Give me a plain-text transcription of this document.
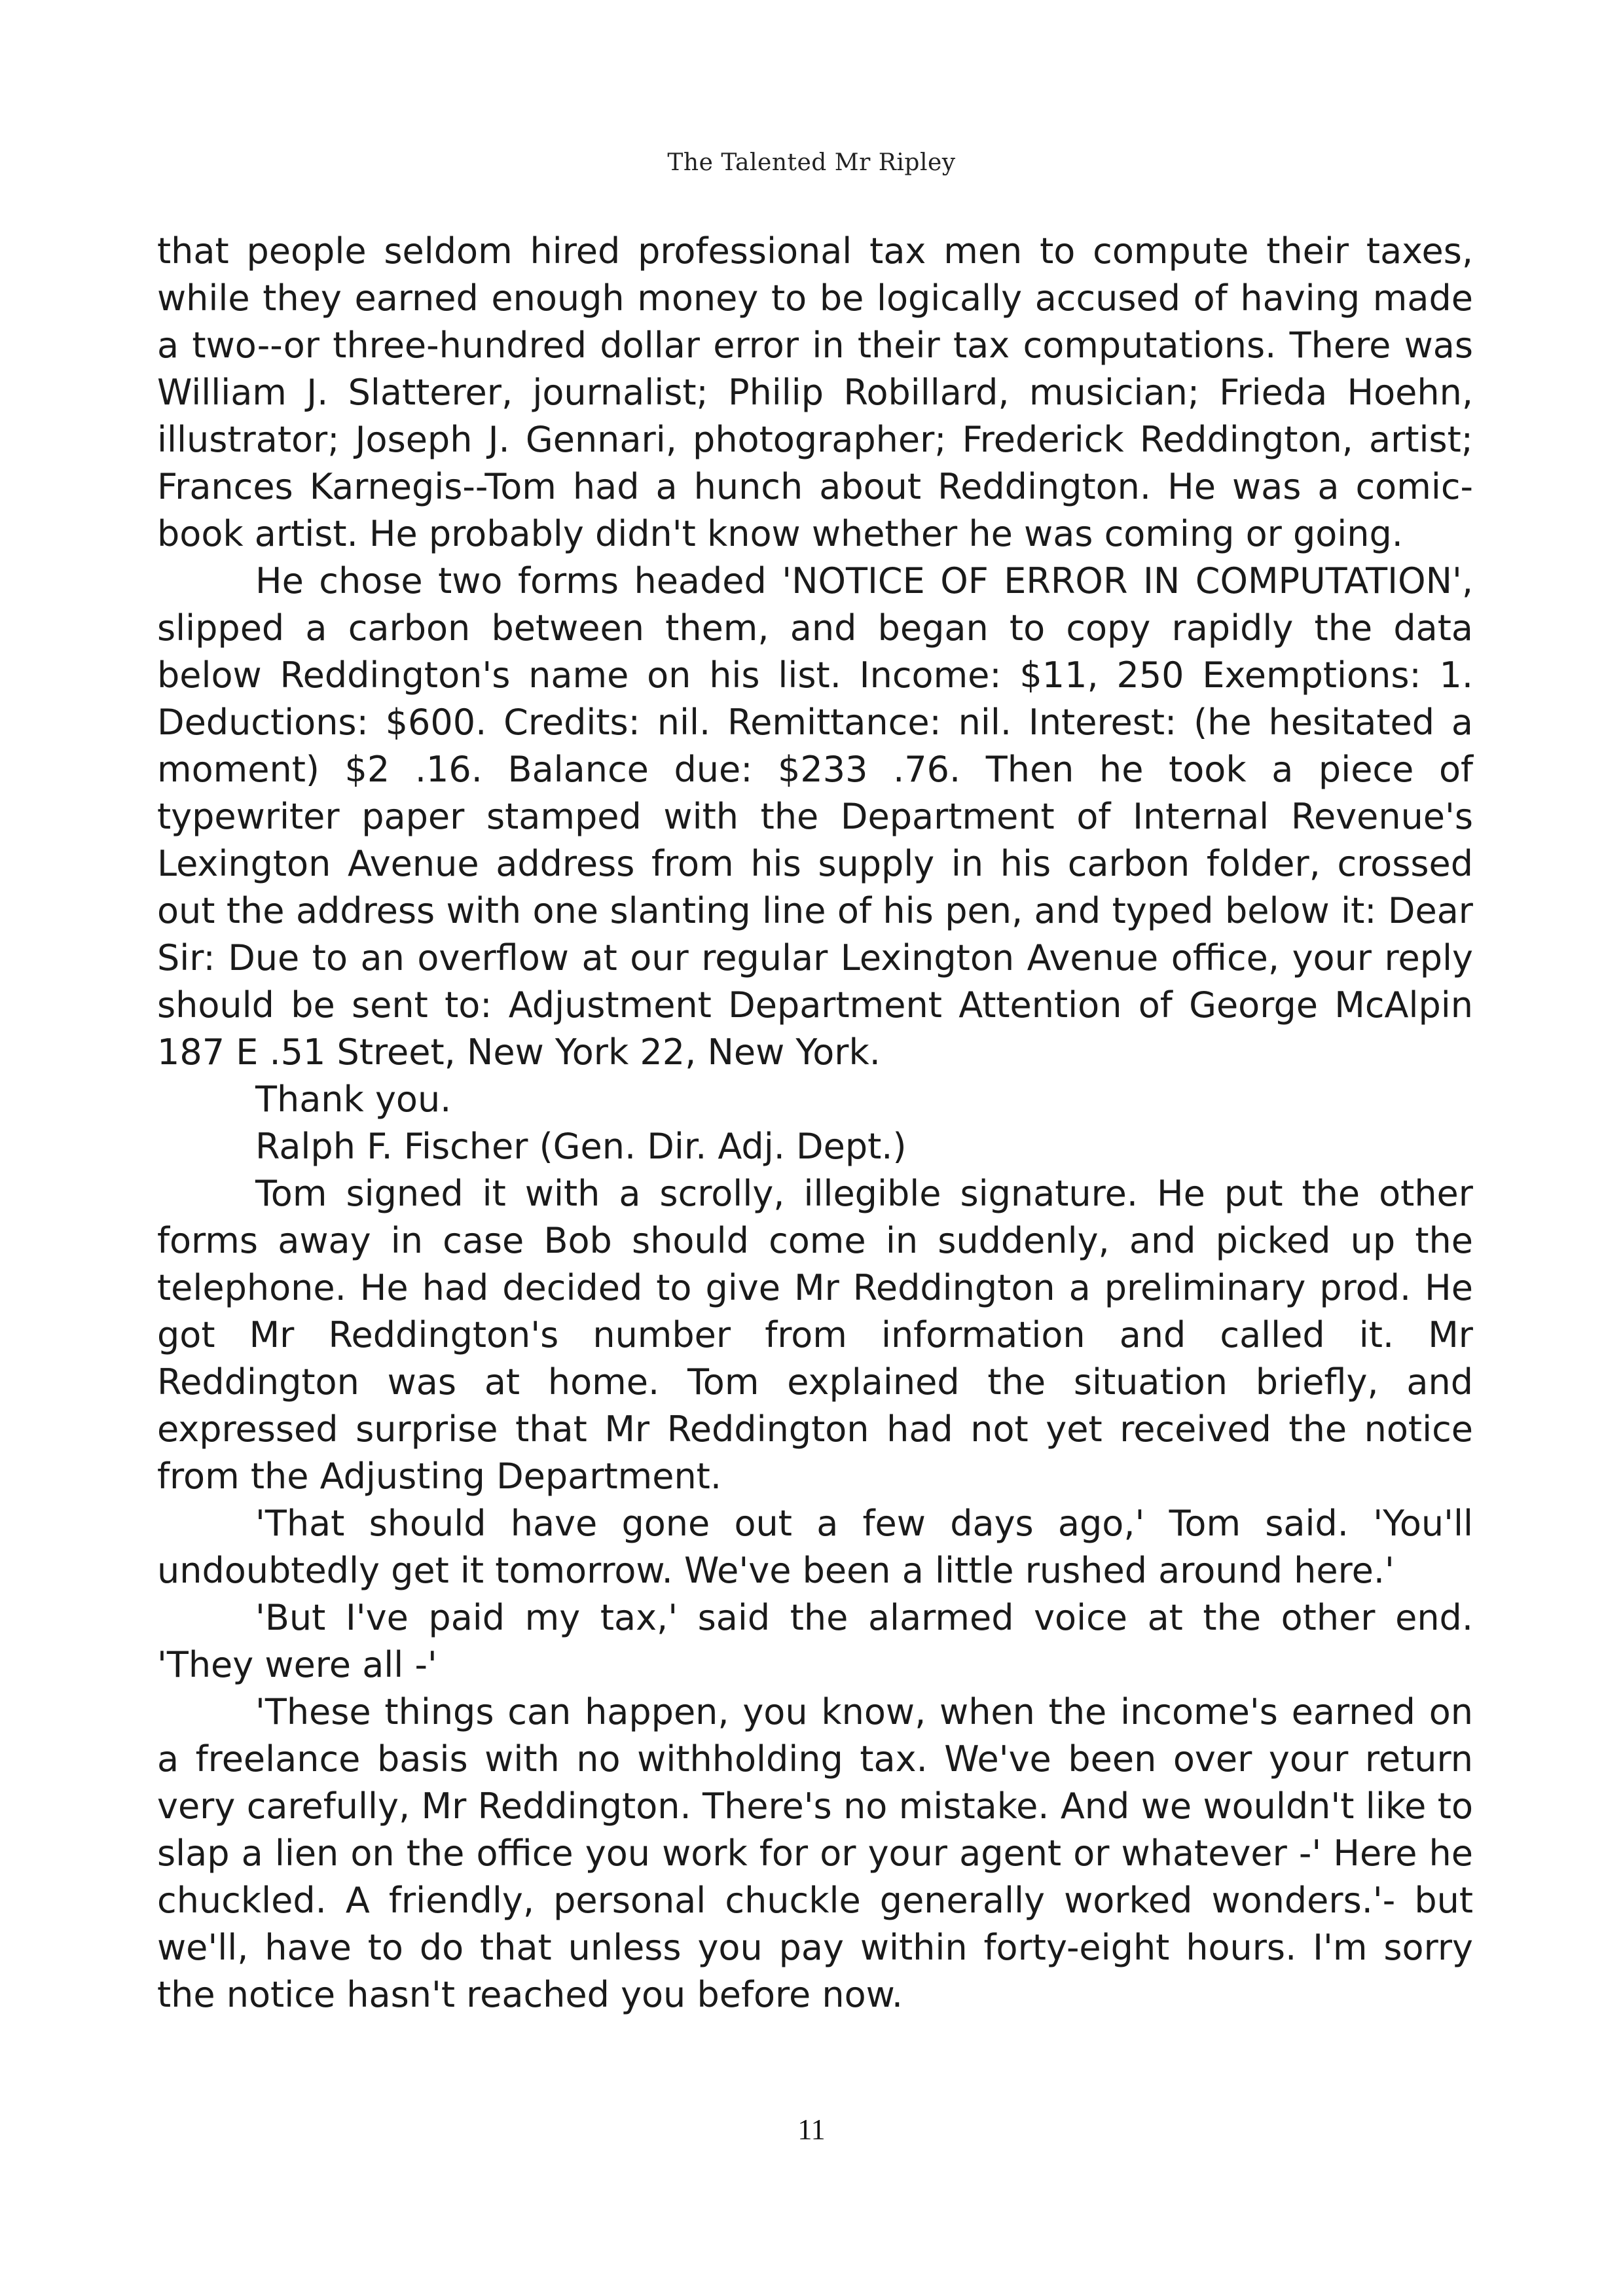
The Talented Mr Ripley

that people seldom hired professional tax men to compute their taxes, while they earned enough money to be logically accused of having made a two--or three-hundred dollar error in their tax computations. There was William J. Slatterer, journalist; Philip Robillard, musician; Frieda Hoehn, illustrator; Joseph J. Gennari, photographer; Frederick Reddington, artist; Frances Karnegis--Tom had a hunch about Reddington. He was a comic-book artist. He probably didn't know whether he was coming or going.

He chose two forms headed 'NOTICE OF ERROR IN COMPUTATION', slipped a carbon between them, and began to copy rapidly the data below Reddington's name on his list. Income: $11, 250 Exemptions: 1. Deductions: $600. Credits: nil. Remittance: nil. Interest: (he hesitated a moment) $2 .16. Balance due: $233 .76. Then he took a piece of typewriter paper stamped with the Department of Internal Revenue's Lexington Avenue address from his supply in his carbon folder, crossed out the address with one slanting line of his pen, and typed below it: Dear Sir: Due to an overflow at our regular Lexington Avenue office, your reply should be sent to: Adjustment Department Attention of George McAlpin 187 E .51 Street, New York 22, New York.

Thank you.

Ralph F. Fischer (Gen. Dir. Adj. Dept.)

Tom signed it with a scrolly, illegible signature. He put the other forms away in case Bob should come in suddenly, and picked up the telephone. He had decided to give Mr Reddington a preliminary prod. He got Mr Reddington's number from information and called it. Mr Reddington was at home. Tom explained the situation briefly, and expressed surprise that Mr Reddington had not yet received the notice from the Adjusting Department.

'That should have gone out a few days ago,' Tom said. 'You'll undoubtedly get it tomorrow. We've been a little rushed around here.'

'But I've paid my tax,' said the alarmed voice at the other end. 'They were all -'

'These things can happen, you know, when the income's earned on a freelance basis with no withholding tax. We've been over your return very carefully, Mr Reddington. There's no mistake. And we wouldn't like to slap a lien on the office you work for or your agent or whatever -' Here he chuckled. A friendly, personal chuckle generally worked wonders.'- but we'll, have to do that unless you pay within forty-eight hours. I'm sorry the notice hasn't reached you before now.

11
